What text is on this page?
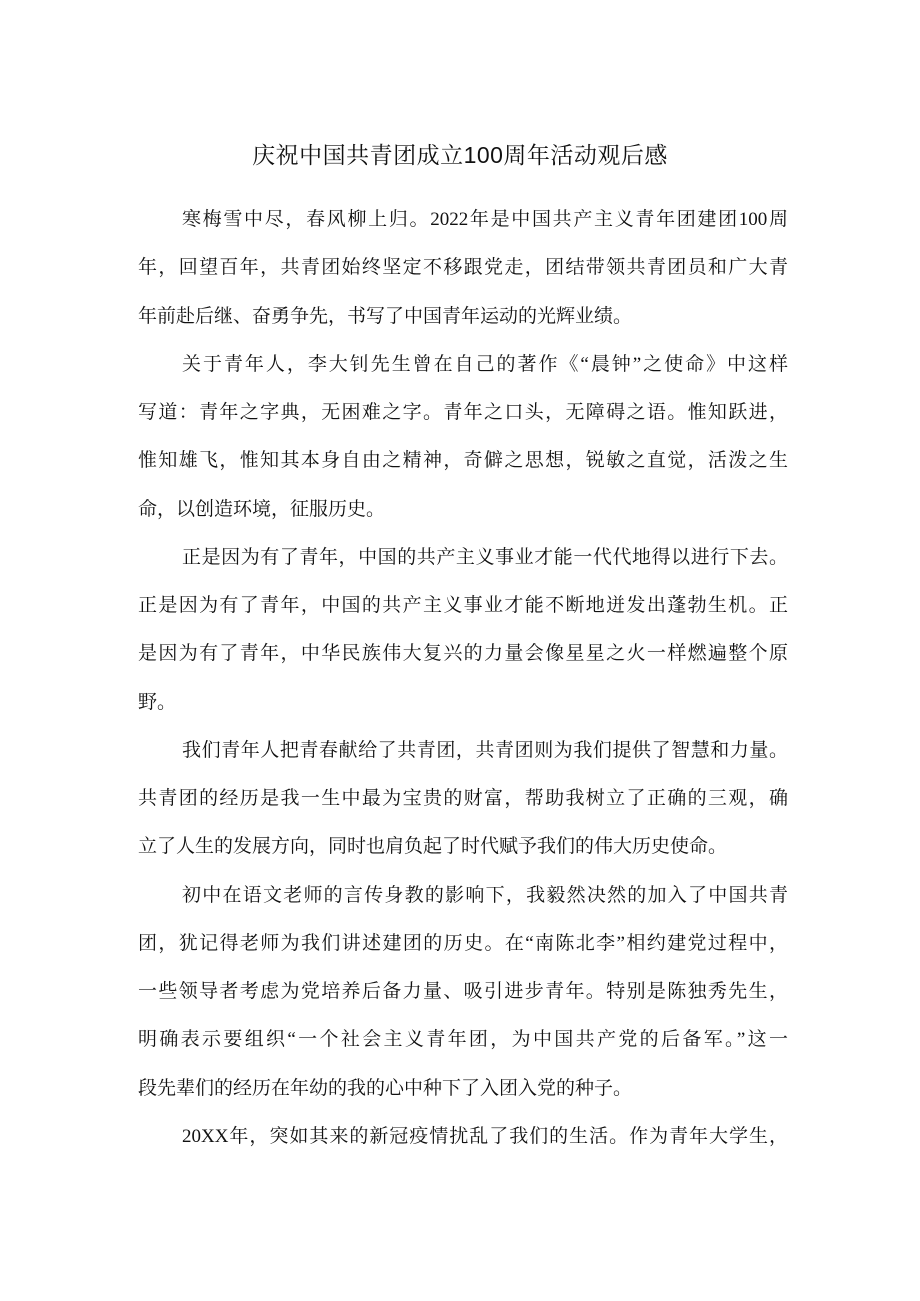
庆祝中国共青团成立100周年活动观后感
寒梅雪中尽，春风柳上归。2022年是中国共产主义青年团建团100周
年，回望百年，共青团始终坚定不移跟党走，团结带领共青团员和广大青
年前赴后继、奋勇争先，书写了中国青年运动的光辉业绩。
关于青年人，李大钊先生曾在自己的著作《“晨钟”之使命》中这样
写道：青年之字典，无困难之字。青年之口头，无障碍之语。惟知跃进，
惟知雄飞，惟知其本身自由之精神，奇僻之思想，锐敏之直觉，活泼之生
命，以创造环境，征服历史。
正是因为有了青年，中国的共产主义事业才能一代代地得以进行下去。
正是因为有了青年，中国的共产主义事业才能不断地迸发出蓬勃生机。正
是因为有了青年，中华民族伟大复兴的力量会像星星之火一样燃遍整个原
野。
我们青年人把青春献给了共青团，共青团则为我们提供了智慧和力量。
共青团的经历是我一生中最为宝贵的财富，帮助我树立了正确的三观，确
立了人生的发展方向，同时也肩负起了时代赋予我们的伟大历史使命。
初中在语文老师的言传身教的影响下，我毅然决然的加入了中国共青
团，犹记得老师为我们讲述建团的历史。在“南陈北李”相约建党过程中，
一些领导者考虑为党培养后备力量、吸引进步青年。特别是陈独秀先生，
明确表示要组织“一个社会主义青年团，为中国共产党的后备军。”这一
段先辈们的经历在年幼的我的心中种下了入团入党的种子。
20XX年，突如其来的新冠疫情扰乱了我们的生活。作为青年大学生，
